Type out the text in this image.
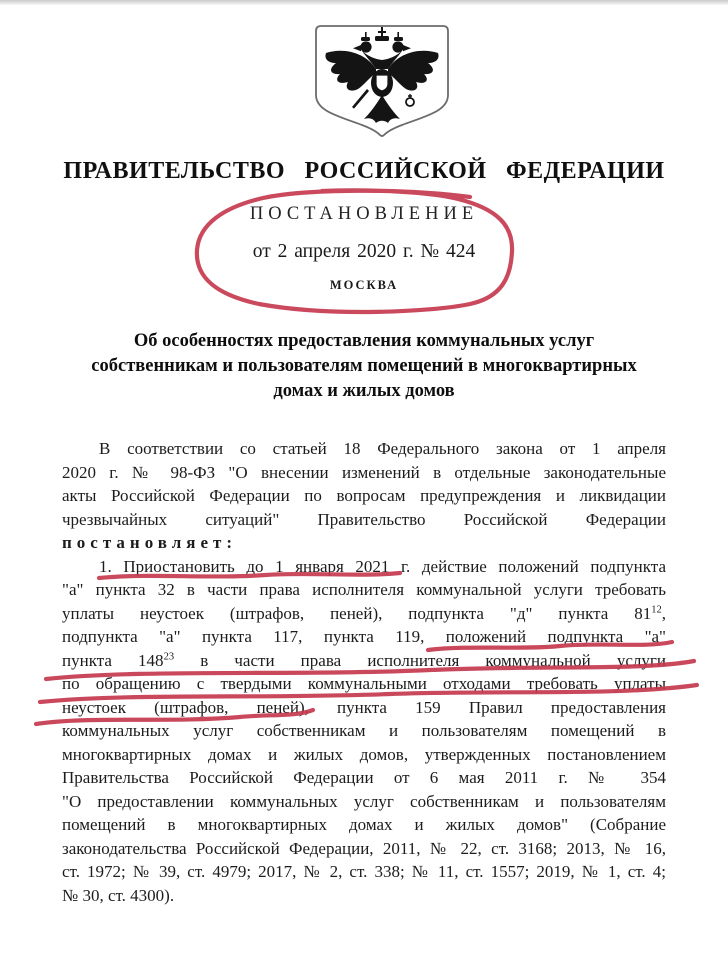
ПРАВИТЕЛЬСТВО РОССИЙСКОЙ ФЕДЕРАЦИИ
ПОСТАНОВЛЕНИЕ
от 2 апреля 2020 г. № 424
МОСКВА
Об особенностях предоставления коммунальных услуг
собственникам и пользователям помещений в многоквартирных
домах и жилых домов
В соответствии со статьей 18 Федерального закона от 1 апреля
2020 г. № 98-ФЗ "О внесении изменений в отдельные законодательные
акты Российской Федерации по вопросам предупреждения и ликвидации
чрезвычайных ситуаций" Правительство Российской Федерации
постановляет:
1. Приостановить до 1 января 2021 г. действие положений подпункта
"а" пункта 32 в части права исполнителя коммунальной услуги требовать
уплаты неустоек (штрафов, пеней), подпункта "д" пункта $81^{12}$,
подпункта "а" пункта 117, пункта 119, положений подпункта "а"
пункта $148^{23}$ в части права исполнителя коммунальной услуги
по обращению с твердыми коммунальными отходами требовать уплаты
неустоек (штрафов, пеней), пункта 159 Правил предоставления
коммунальных услуг собственникам и пользователям помещений в
многоквартирных домах и жилых домов, утвержденных постановлением
Правительства Российской Федерации от 6 мая 2011 г. № 354
"О предоставлении коммунальных услуг собственникам и пользователям
помещений в многоквартирных домах и жилых домов" (Собрание
законодательства Российской Федерации, 2011, № 22, ст. 3168; 2013, № 16,
ст. 1972; № 39, ст. 4979; 2017, № 2, ст. 338; № 11, ст. 1557; 2019, № 1, ст. 4;
№ 30, ст. 4300).
